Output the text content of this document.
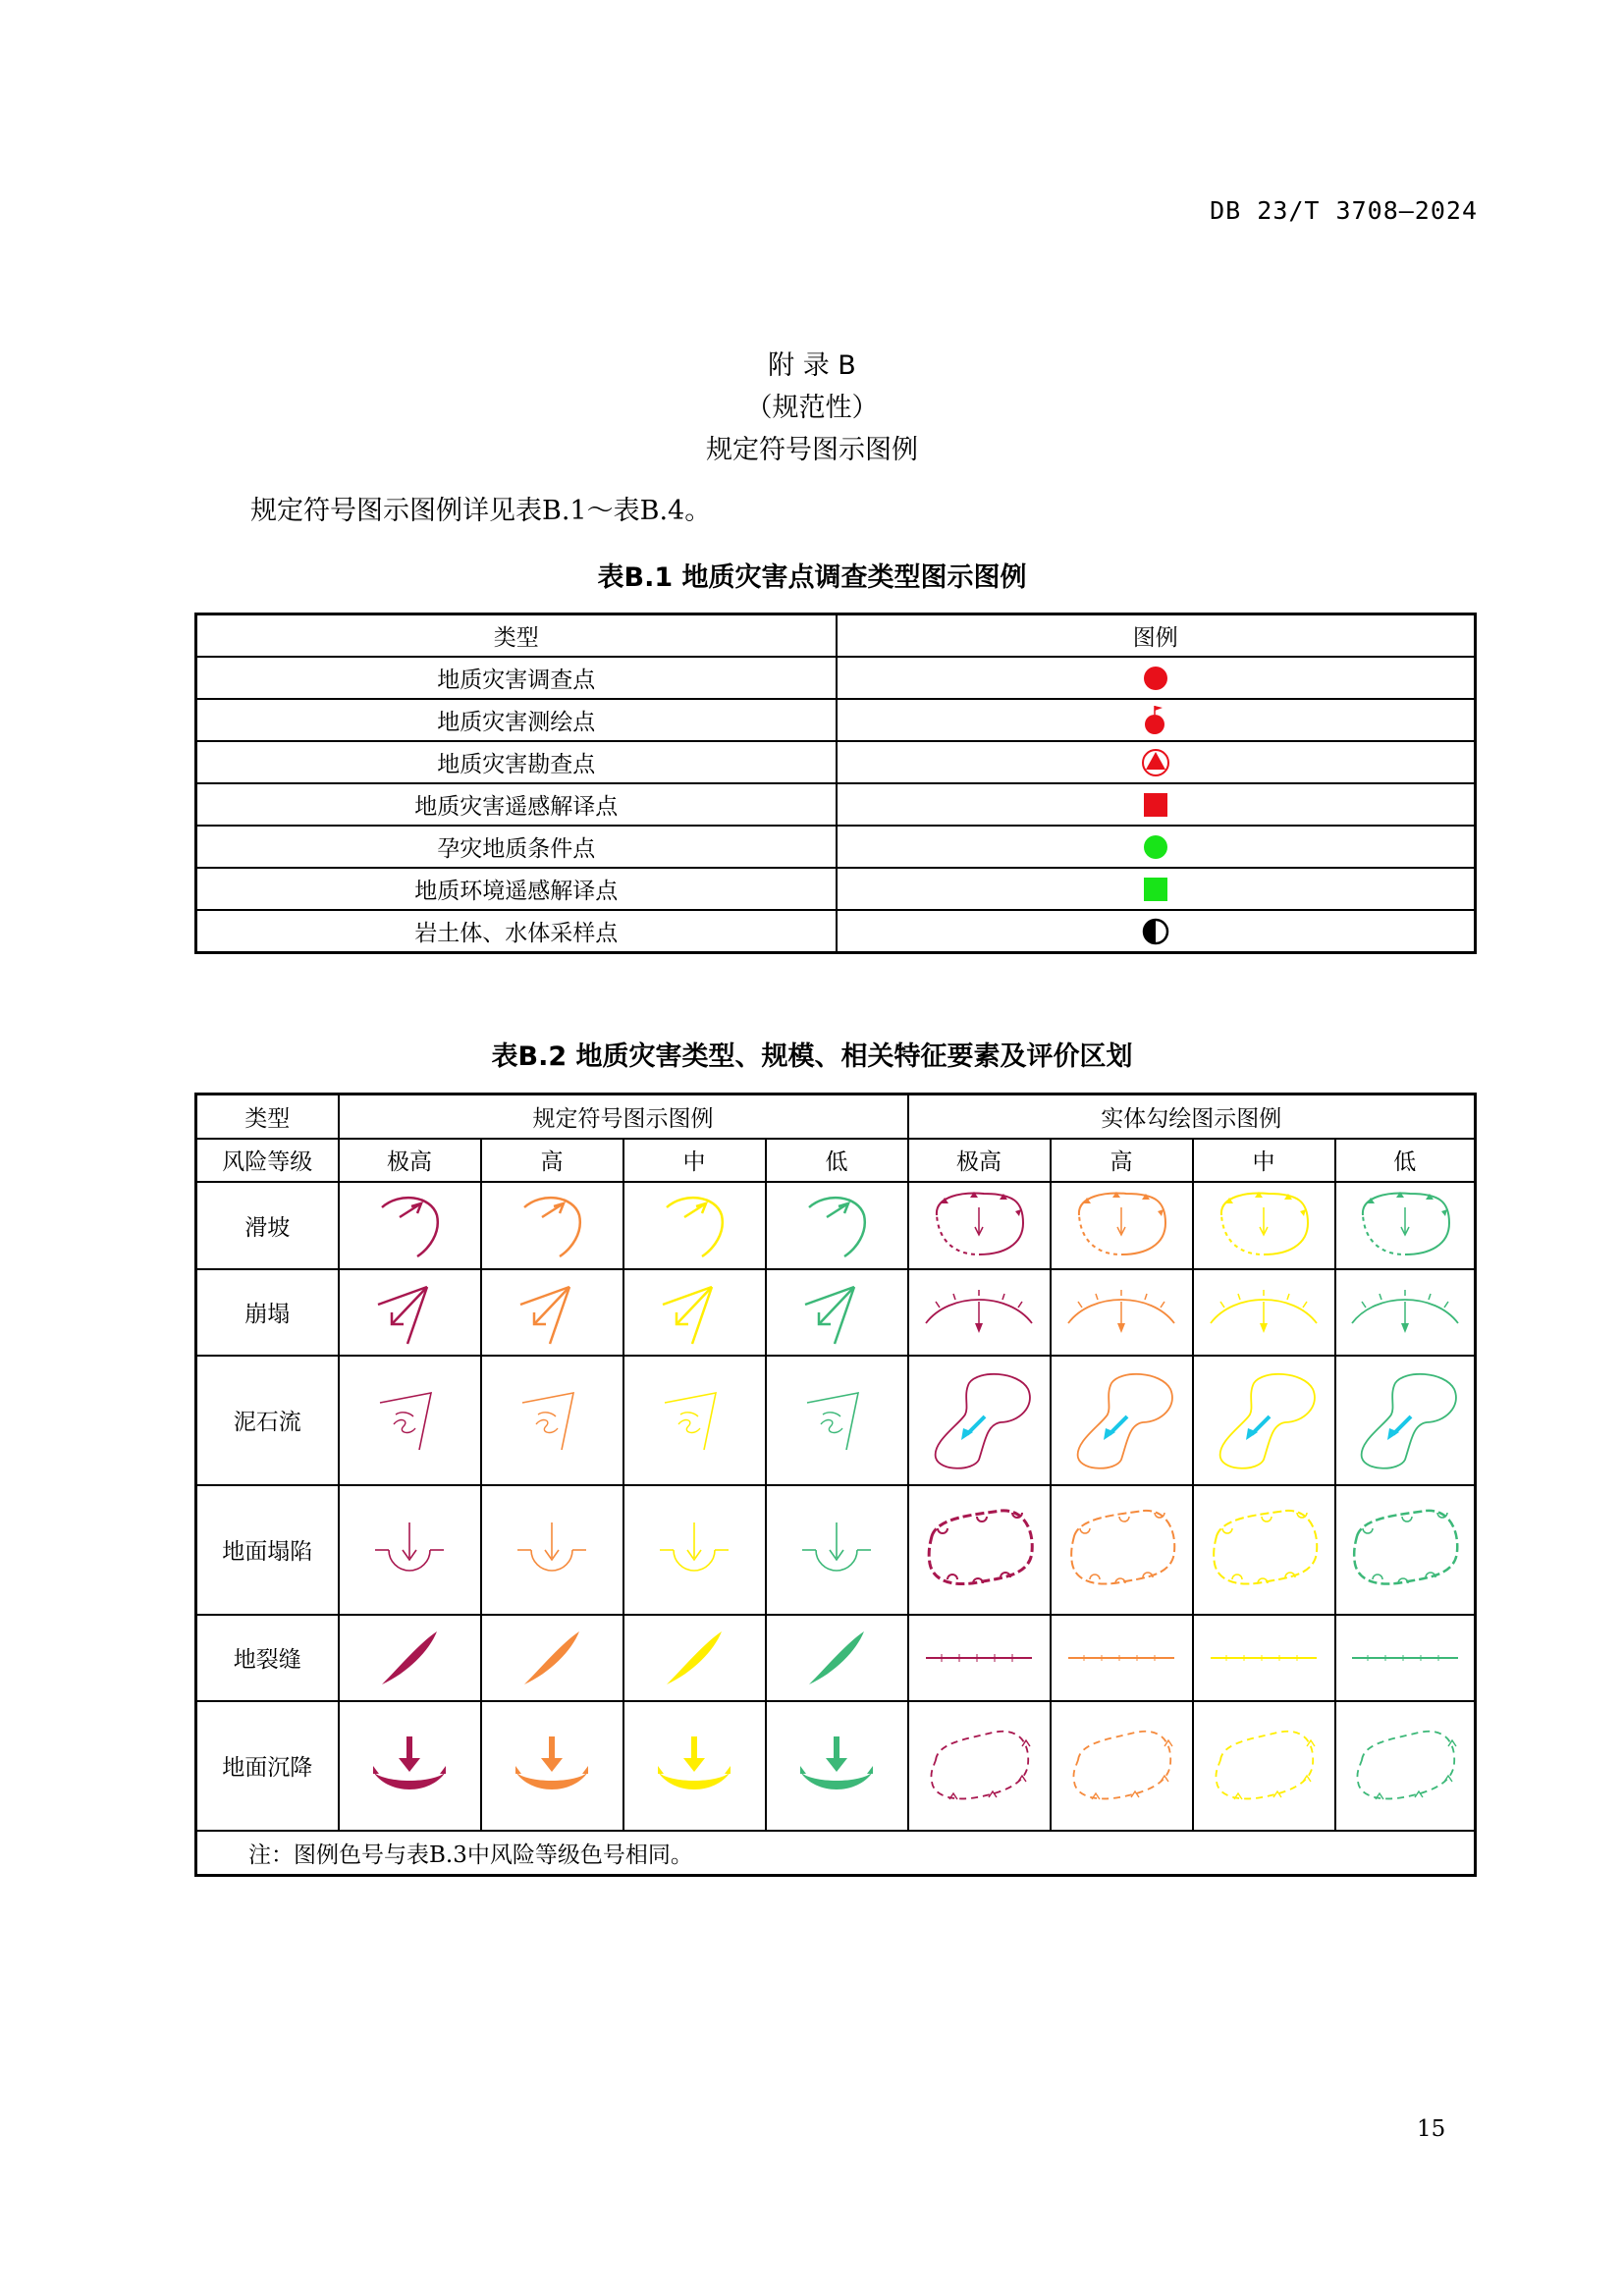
DB 23/T 3708—2024
附 录 B
（规范性）
规定符号图示图例
规定符号图示图例详见表B.1～表B.4。
表B.1 地质灾害点调查类型图示图例
类型	图例
地质灾害调查点	

地质灾害测绘点	

地质灾害勘查点	

地质灾害遥感解译点	

孕灾地质条件点	

地质环境遥感解译点	

岩土体、水体采样点	
表B.2 地质灾害类型、规模、相关特征要素及评价区划
类型	规定符号图示图例				实体勾绘图示图例			
风险等级	极高	高	中	低	极高	高	中	低
滑坡	

崩塌	

泥石流	

地面塌陷	

地裂缝	

地面沉降	

注：图例色号与表B.3中风险等级色号相同。								
15
